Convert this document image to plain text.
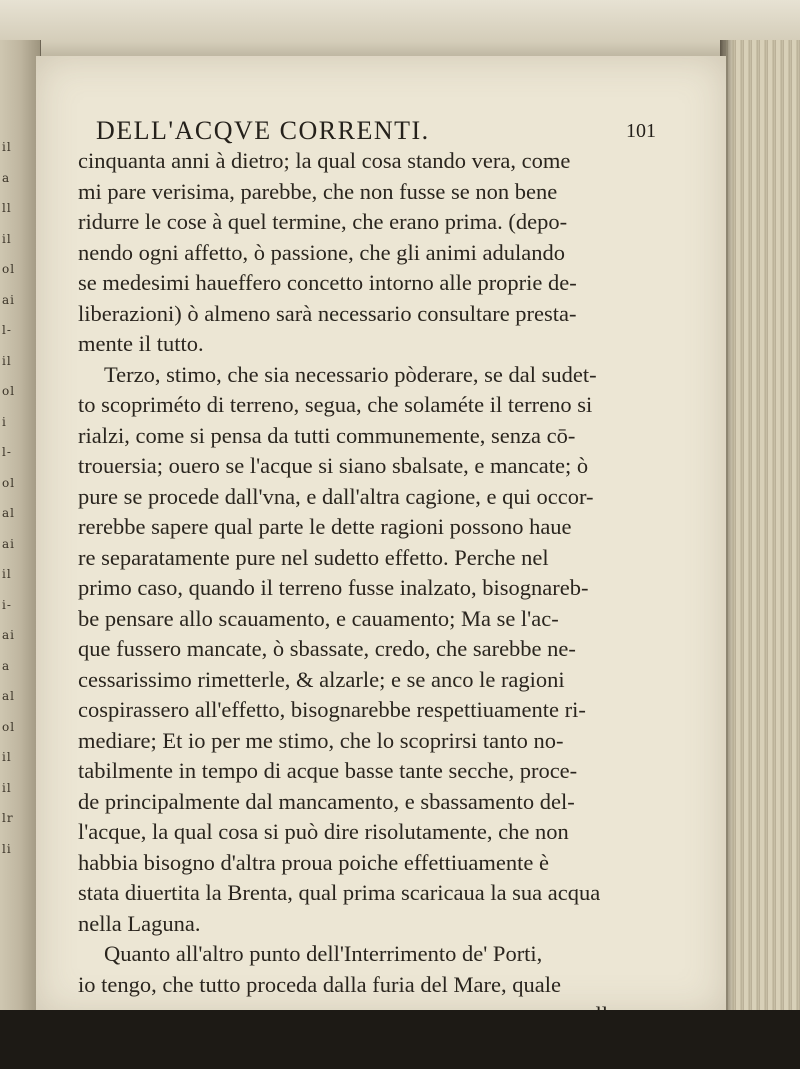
il
a
ll
il
ol
ai
l-
il
ol
i
l-
ol
al
ai
il
i-
ai
a
al
ol
il
il
lr
li
DELL'ACQVE CORRENTI.	101
cinquanta anni à dietro; la qual cosa stando vera, come
mi pare verisima, parebbe, che non fusse se non bene
ridurre le cose à quel termine, che erano prima. (depo-
nendo ogni affetto, ò passione, che gli animi adulando
se medesimi haueffero concetto intorno alle proprie de-
liberazioni) ò almeno sarà necessario consultare presta-
mente il tutto.
Terzo, stimo, che sia necessario pòderare, se dal sudet-
to scopriméto di terreno, segua, che solaméte il terreno si
rialzi, come si pensa da tutti communemente, senza cō-
trouersia; ouero se l'acque si siano sbalsate, e mancate; ò
pure se procede dall'vna, e dall'altra cagione, e qui occor-
rerebbe sapere qual parte le dette ragioni possono haue
re separatamente pure nel sudetto effetto. Perche nel
primo caso, quando il terreno fusse inalzato, bisognareb-
be pensare allo scauamento, e cauamento; Ma se l'ac-
que fussero mancate, ò sbassate, credo, che sarebbe ne-
cessarissimo rimetterle, & alzarle; e se anco le ragioni
cospirassero all'effetto, bisognarebbe respettiuamente ri-
mediare; Et io per me stimo, che lo scoprirsi tanto no-
tabilmente in tempo di acque basse tante secche, proce-
de principalmente dal mancamento, e sbassamento del-
l'acque, la qual cosa si può dire risolutamente, che non
habbia bisogno d'altra proua poiche effettiuamente è
stata diuertita la Brenta, qual prima scaricaua la sua acqua
nella Laguna.
Quanto all'altro punto dell'Interrimento de' Porti,
io tengo, che tutto proceda dalla furia del Mare, quale
